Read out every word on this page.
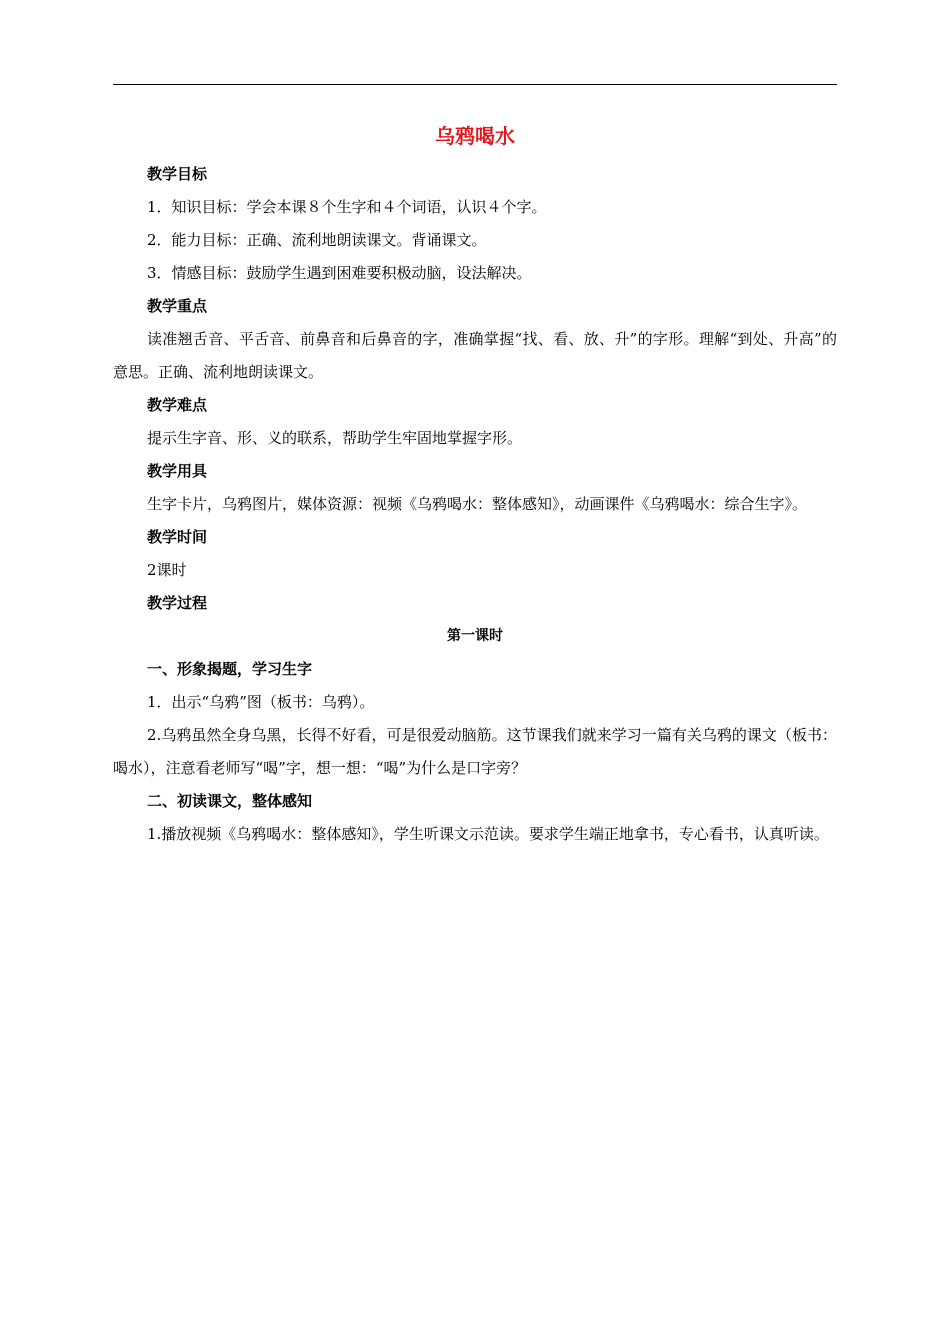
乌鸦喝水
教学目标

1．知识目标：学会本课８个生字和４个词语，认识４个字。

2．能力目标：正确、流利地朗读课文。背诵课文。

3．情感目标：鼓励学生遇到困难要积极动脑，设法解决。

教学重点

读准翘舌音、平舌音、前鼻音和后鼻音的字，准确掌握“找、看、放、升”的字形。理解“到处、升高”的意思。正确、流利地朗读课文。

教学难点

提示生字音、形、义的联系，帮助学生牢固地掌握字形。

教学用具

生字卡片，乌鸦图片，媒体资源：视频《乌鸦喝水：整体感知》，动画课件《乌鸦喝水：综合生字》。

教学时间

2课时

教学过程
第一课时
一、形象揭题，学习生字

1．出示“乌鸦”图（板书：乌鸦）。

2.乌鸦虽然全身乌黑，长得不好看，可是很爱动脑筋。这节课我们就来学习一篇有关乌鸦的课文（板书：喝水），注意看老师写“喝”字，想一想：“喝”为什么是口字旁？

二、初读课文，整体感知

1.播放视频《乌鸦喝水：整体感知》，学生听课文示范读。要求学生端正地拿书，专心看书，认真听读。
